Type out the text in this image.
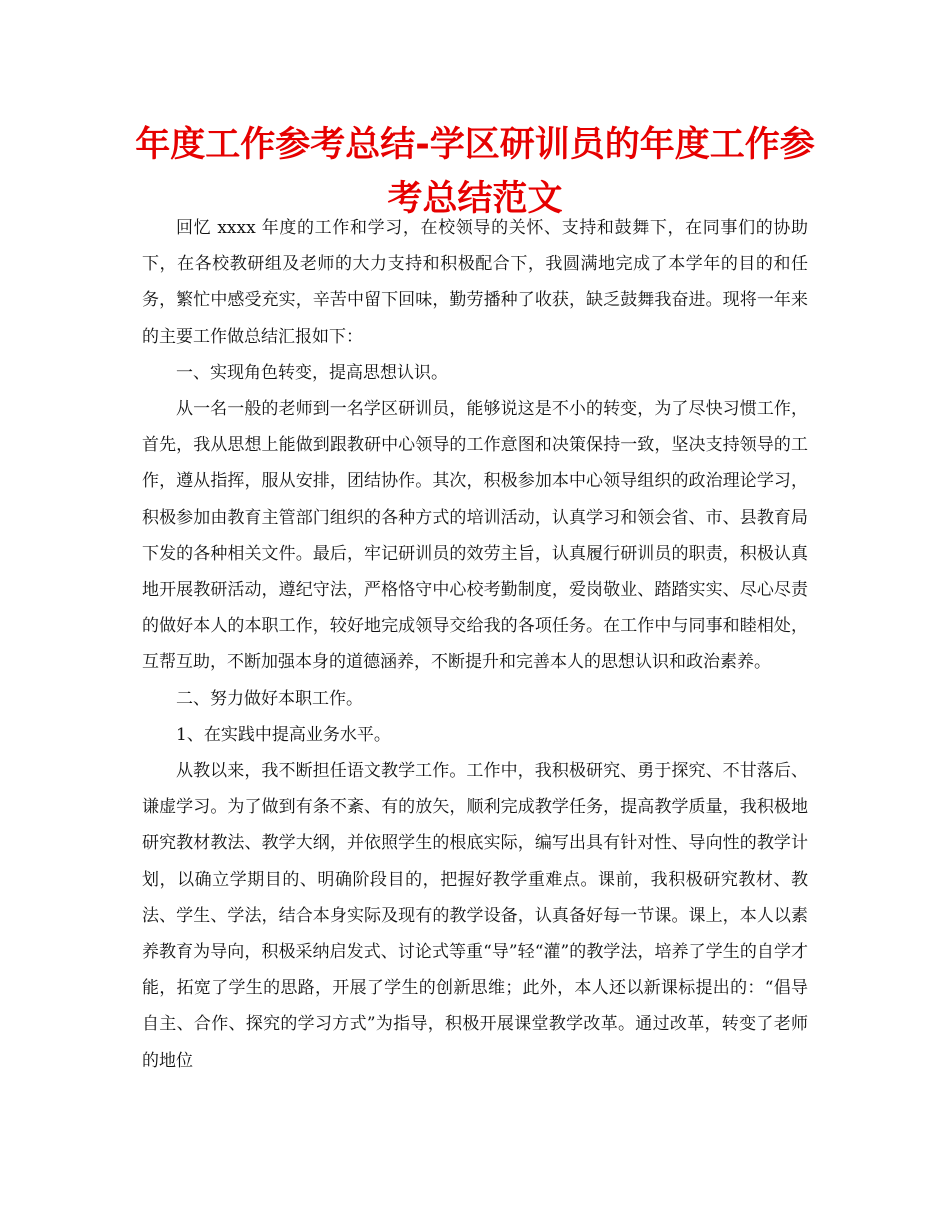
年度工作参考总结-学区研训员的年度工作参考总结范文

回忆 xxxx 年度的工作和学习，在校领导的关怀、支持和鼓舞下，在同事们的协助下，在各校教研组及老师的大力支持和积极配合下，我圆满地完成了本学年的目的和任务，繁忙中感受充实，辛苦中留下回味，勤劳播种了收获，缺乏鼓舞我奋进。现将一年来的主要工作做总结汇报如下：

一、实现角色转变，提高思想认识。

从一名一般的老师到一名学区研训员，能够说这是不小的转变，为了尽快习惯工作，首先，我从思想上能做到跟教研中心领导的工作意图和决策保持一致，坚决支持领导的工作，遵从指挥，服从安排，团结协作。其次，积极参加本中心领导组织的政治理论学习，积极参加由教育主管部门组织的各种方式的培训活动，认真学习和领会省、市、县教育局下发的各种相关文件。最后，牢记研训员的效劳主旨，认真履行研训员的职责，积极认真地开展教研活动，遵纪守法，严格恪守中心校考勤制度，爱岗敬业、踏踏实实、尽心尽责的做好本人的本职工作，较好地完成领导交给我的各项任务。在工作中与同事和睦相处，互帮互助，不断加强本身的道德涵养，不断提升和完善本人的思想认识和政治素养。

二、努力做好本职工作。

1、在实践中提高业务水平。

从教以来，我不断担任语文教学工作。工作中，我积极研究、勇于探究、不甘落后、谦虚学习。为了做到有条不紊、有的放矢，顺利完成教学任务，提高教学质量，我积极地研究教材教法、教学大纲，并依照学生的根底实际，编写出具有针对性、导向性的教学计划，以确立学期目的、明确阶段目的，把握好教学重难点。课前，我积极研究教材、教法、学生、学法，结合本身实际及现有的教学设备，认真备好每一节课。课上，本人以素养教育为导向，积极采纳启发式、讨论式等重“导”轻“灌”的教学法，培养了学生的自学才能，拓宽了学生的思路，开展了学生的创新思维；此外，本人还以新课标提出的：“倡导自主、合作、探究的学习方式”为指导，积极开展课堂教学改革。通过改革，转变了老师的地位
